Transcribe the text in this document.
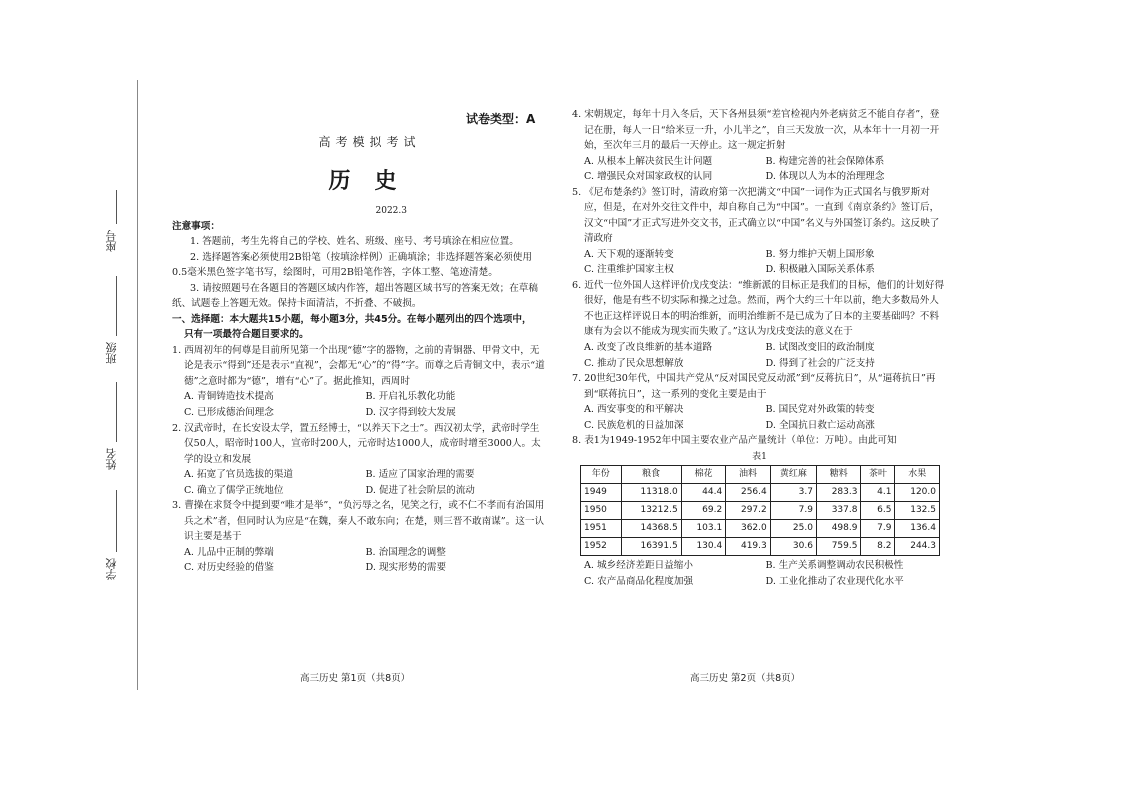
座号
班级
姓名
学校
试卷类型：A
高考模拟考试
历史
2022.3

注意事项：

1. 答题前，考生先将自己的学校、姓名、班级、座号、考号填涂在相应位置。

2. 选择题答案必须使用2B铅笔（按填涂样例）正确填涂；非选择题答案必须使用0.5毫米黑色签字笔书写，绘图时，可用2B铅笔作答，字体工整、笔迹清楚。

3. 请按照题号在各题目的答题区域内作答，超出答题区域书写的答案无效；在草稿纸、试题卷上答题无效。保持卡面清洁，不折叠、不破损。

一、选择题：本大题共15小题，每小题3分，共45分。在每小题列出的四个选项中，

只有一项最符合题目要求的。

1. 西周初年的何尊是目前所见第一个出现“德”字的器物，之前的青铜器、甲骨文中，无论是表示“得到”还是表示“直视”，会都无“心”的“得”字。而尊之后青铜文中，表示“道德”之意时都为“德”，增有“心”了。据此推知，西周时

A. 青铜铸造技术提高	B. 开启礼乐教化功能
C. 已形成德治间理念	D. 汉字得到较大发展

2. 汉武帝时，在长安设太学，置五经博士，“以养天下之士”。西汉初太学，武帝时学生仅50人，昭帝时100人，宣帝时200人，元帝时达1000人，成帝时增至3000人。太学的设立和发展

A. 拓宽了官员选拔的渠道	B. 适应了国家治理的需要
C. 确立了儒学正统地位	D. 促进了社会阶层的流动

3. 曹操在求贤令中提到要“唯才是举”，“负污辱之名，见笑之行，或不仁不孝而有治国用兵之术”者，但同时认为应是“在魏，秦人不敢东向；在楚，则三晋不敢南谋”。这一认识主要是基于

A. 儿品中正制的弊端	B. 治国理念的调整
C. 对历史经验的借鉴	D. 现实形势的需要

4. 宋朝规定，每年十月入冬后，天下各州县须“差官检视内外老病贫乏不能自存者”，登记在册，每人一日“给米豆一升，小儿半之”，自三天发放一次，从本年十一月初一开始，至次年三月的最后一天停止。这一规定折射

A. 从根本上解决贫民生计问题	B. 构建完善的社会保障体系
C. 增强民众对国家政权的认同	D. 体现以人为本的治理理念

5. 《尼布楚条约》签订时，清政府第一次把满文“中国”一词作为正式国名与俄罗斯对应，但是，在对外交往文件中，却自称自己为“中国”。一直到《南京条约》签订后，汉文“中国”才正式写进外交文书，正式确立以“中国”名义与外国签订条约。这反映了清政府

A. 天下观的逐渐转变	B. 努力维护天朝上国形象
C. 注重维护国家主权	D. 积极融入国际关系体系

6. 近代一位外国人这样评价戊戌变法：“维新派的目标正是我们的目标，他们的计划好得很好，他是有些不切实际和操之过急。然而，两个大约三十年以前，绝大多数局外人不也正这样评说日本的明治维新，而明治维新不是已成为了日本的主要基础吗？不料康有为会以不能成为现实而失败了。”这认为戊戌变法的意义在于

A. 改变了改良维新的基本道路	B. 试图改变旧的政治制度
C. 推动了民众思想解放	D. 得到了社会的广泛支持

7. 20世纪30年代，中国共产党从“反对国民党反动派”到“反蒋抗日”，从“逼蒋抗日”再到“联蒋抗日”，这一系列的变化主要是由于

A. 西安事变的和平解决	B. 国民党对外政策的转变
C. 民族危机的日益加深	D. 全国抗日救亡运动高涨

8. 表1为1949-1952年中国主要农业产品产量统计（单位：万吨）。由此可知

表1
年份	粮食	棉花	油料	黄红麻	糖料	茶叶	水果
1949	11318.0	44.4	256.4	3.7	283.3	4.1	120.0
1950	13212.5	69.2	297.2	7.9	337.8	6.5	132.5
1951	14368.5	103.1	362.0	25.0	498.9	7.9	136.4
1952	16391.5	130.4	419.3	30.6	759.5	8.2	244.3
A. 城乡经济差距日益缩小	B. 生产关系调整调动农民积极性
C. 农产品商品化程度加强	D. 工业化推动了农业现代化水平
高三历史 第1页（共8页）	高三历史 第2页（共8页）
